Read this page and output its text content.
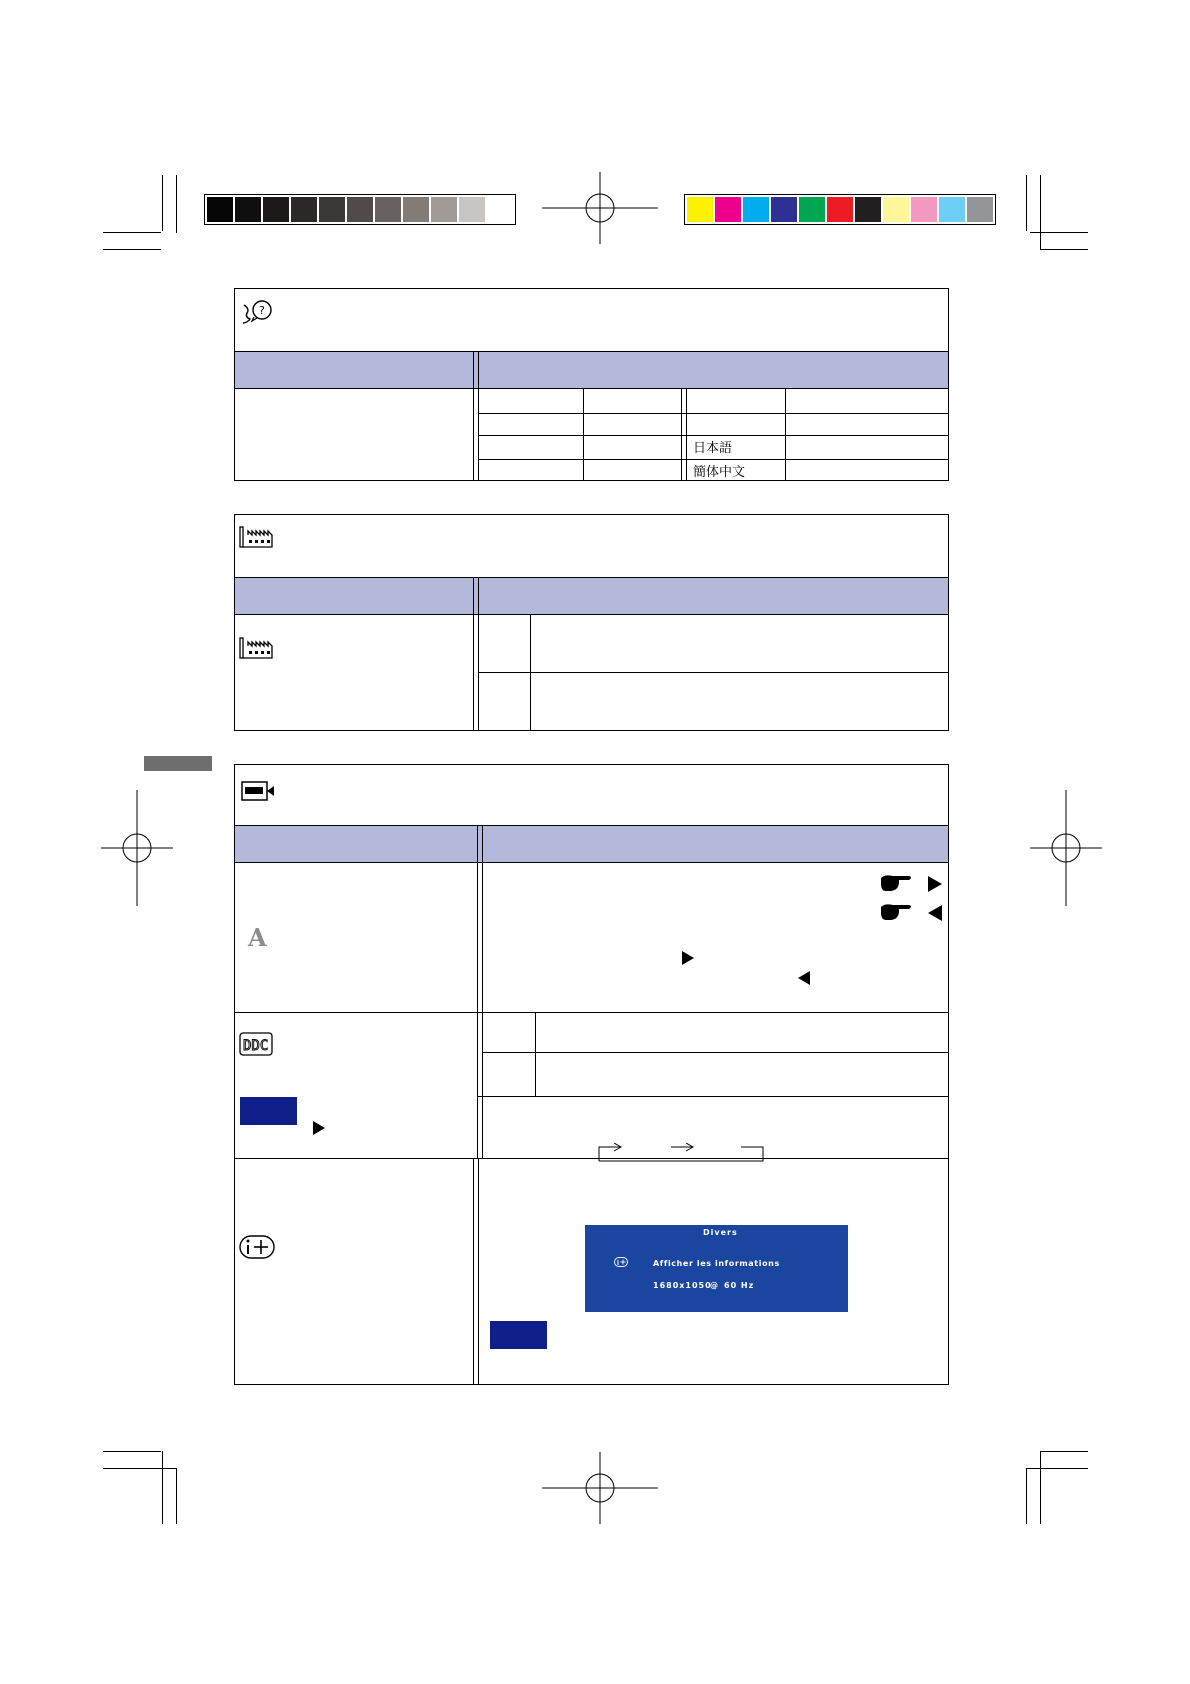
?
日本語
簡体中文
A
DDC
Divers
Afficher les informations
1680x1050
@ 60 Hz
